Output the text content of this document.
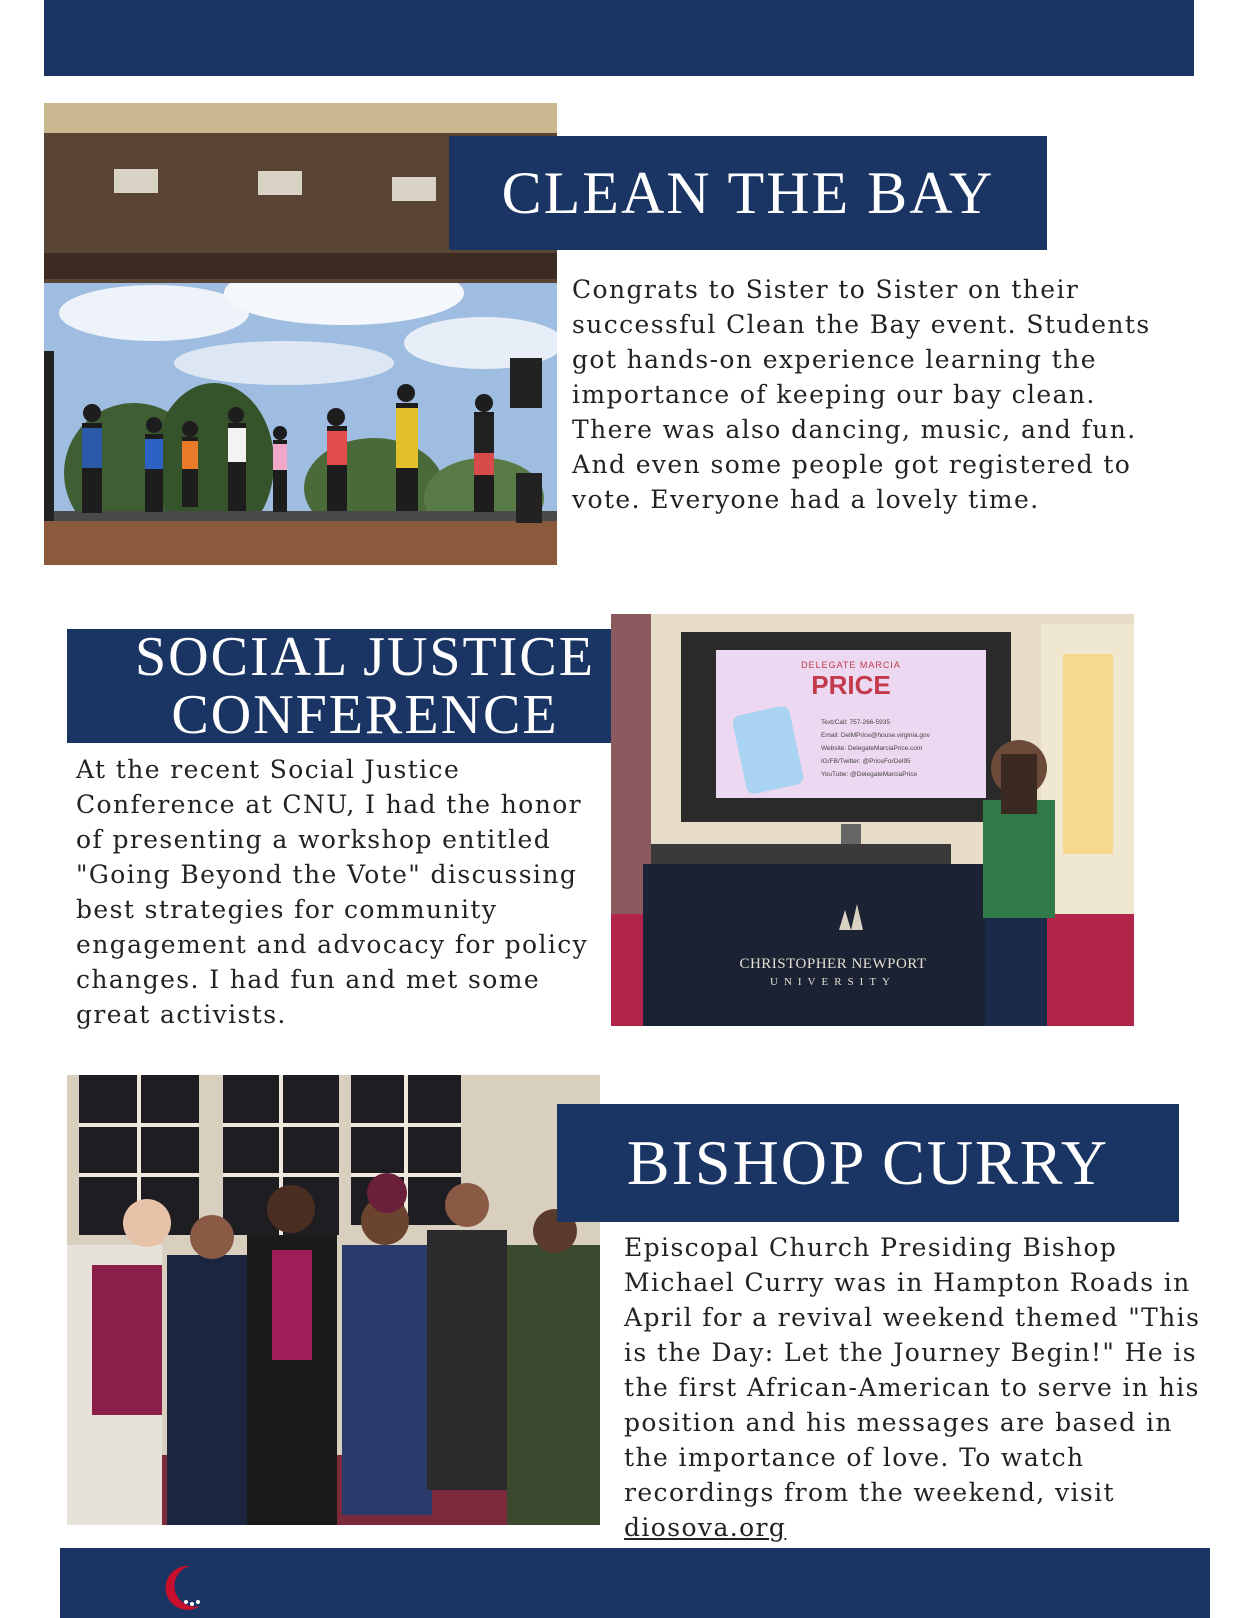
CLEAN THE BAY

Congrats to Sister to Sister on their successful Clean the Bay event. Students got hands-on experience learning the importance of keeping our bay clean. There was also dancing, music, and fun. And even some people got registered to vote. Everyone had a lovely time.

SOCIAL JUSTICE
CONFERENCE

At the recent Social Justice Conference at CNU, I had the honor of presenting a workshop entitled "Going Beyond the Vote" discussing best strategies for community engagement and advocacy for policy changes. I had fun and met some great activists.

DELEGATE MARCIA
PRICE
Text/Call: 757-266-5935
Email: DelMPrice@house.virginia.gov
Website: DelegateMarciaPrice.com
IG/FB/Twitter: @PriceForDel95
YouTube: @DelegateMarciaPrice
CHRISTOPHER NEWPORT
UNIVERSITY
BISHOP CURRY

Episcopal Church Presiding Bishop Michael Curry was in Hampton Roads in April for a revival weekend themed "This is the Day: Let the Journey Begin!" He is the first African-American to serve in his position and his messages are based in the importance of love. To watch recordings from the weekend, visit diosova.org
